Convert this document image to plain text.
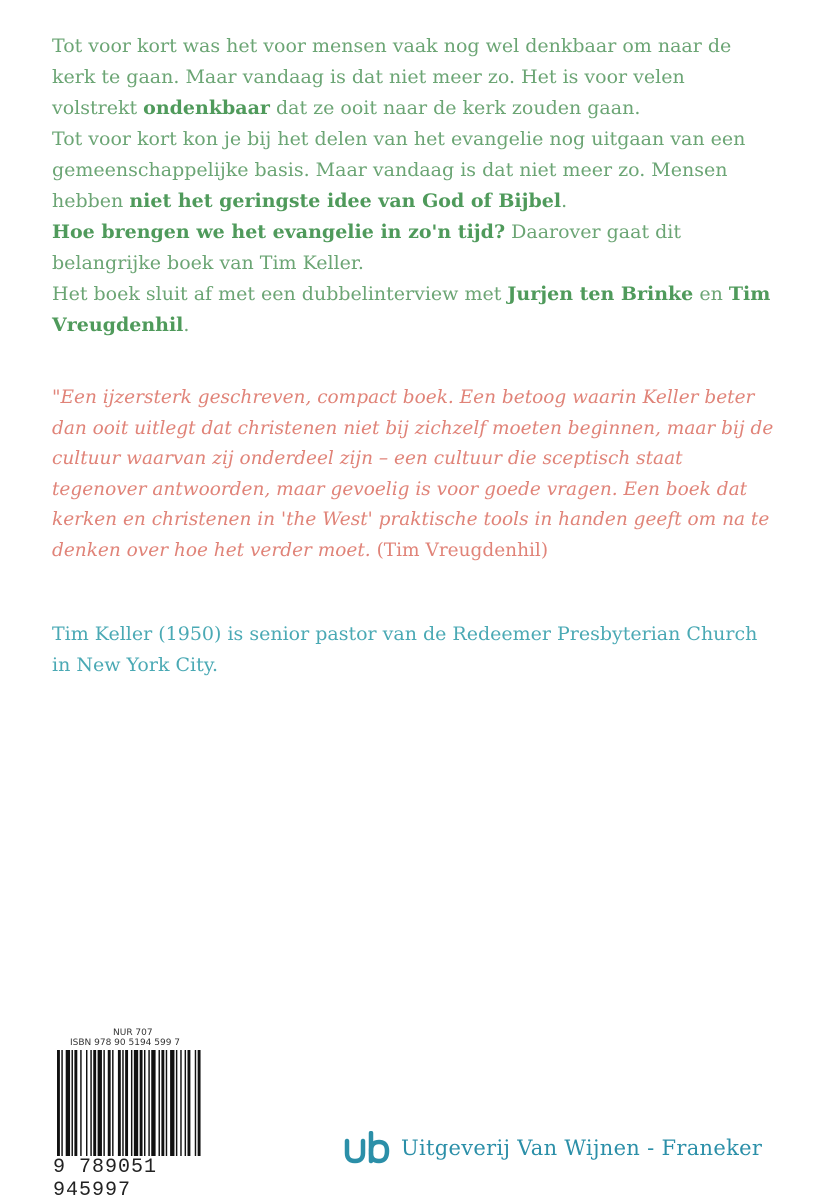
Tot voor kort was het voor mensen vaak nog wel denkbaar om naar de kerk te gaan. Maar vandaag is dat niet meer zo. Het is voor velen volstrekt ondenkbaar dat ze ooit naar de kerk zouden gaan.

Tot voor kort kon je bij het delen van het evangelie nog uitgaan van een gemeenschappelijke basis. Maar vandaag is dat niet meer zo. Mensen hebben niet het geringste idee van God of Bijbel.

Hoe brengen we het evangelie in zo'n tijd? Daarover gaat dit belangrijke boek van Tim Keller.

Het boek sluit af met een dubbelinterview met Jurjen ten Brinke en Tim Vreugdenhil.

"Een ijzersterk geschreven, compact boek. Een betoog waarin Keller beter dan ooit uitlegt dat christenen niet bij zichzelf moeten beginnen, maar bij de cultuur waarvan zij onderdeel zijn – een cultuur die sceptisch staat tegenover antwoorden, maar gevoelig is voor goede vragen. Een boek dat kerken en christenen in 'the West' praktische tools in handen geeft om na te denken over hoe het verder moet. (Tim Vreugdenhil)

Tim Keller (1950) is senior pastor van de Redeemer Presbyterian Church in New York City.

NUR 707
ISBN 978 90 5194 599 7
9 789051 945997
Uitgeverij Van Wijnen - Franeker
